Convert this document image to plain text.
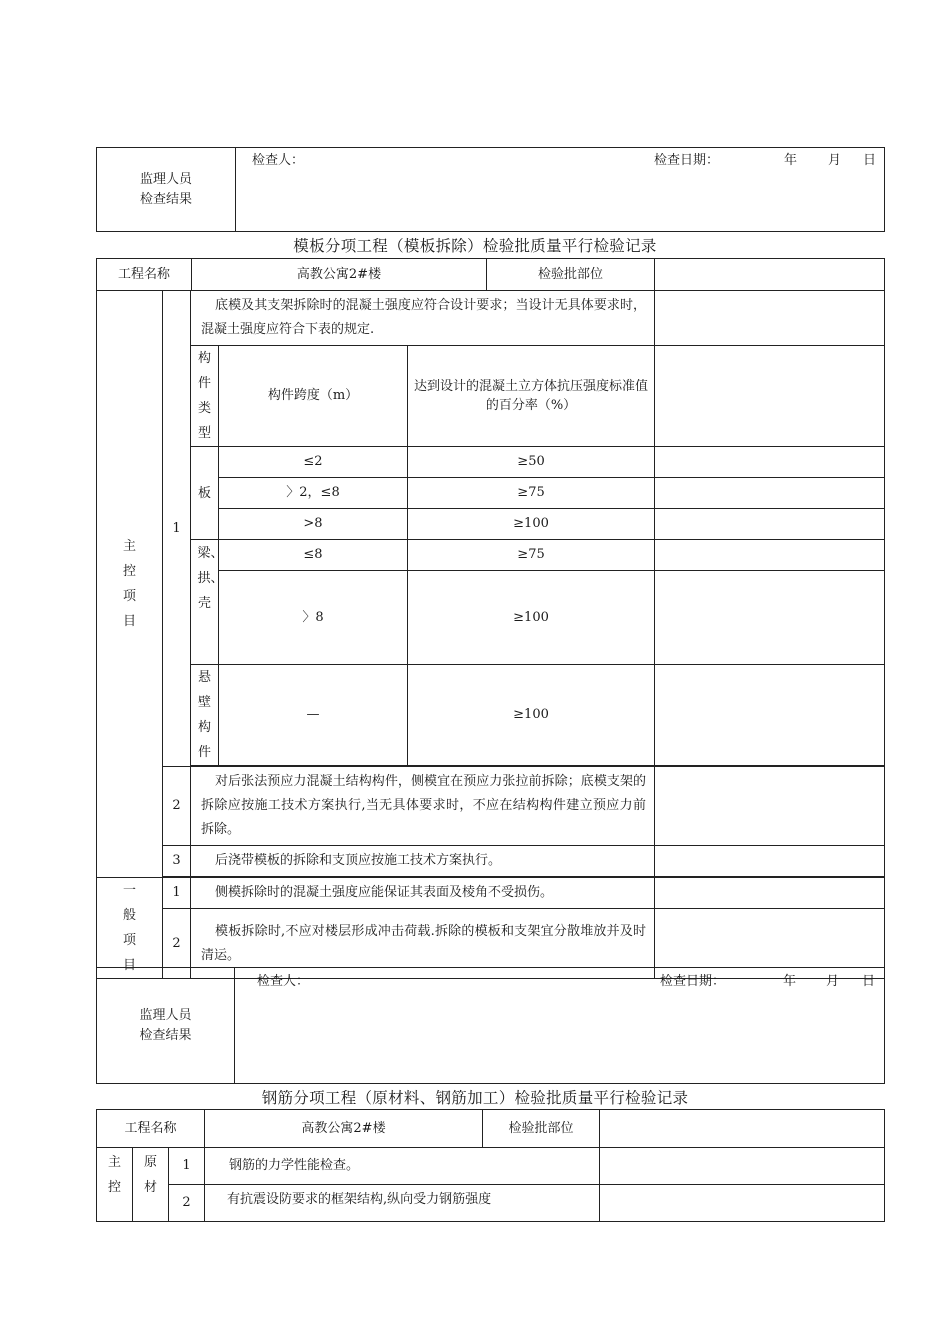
监理人员
检查结果

检查人：	检查日期：	年 月 日
模板分项工程（模板拆除）检验批质量平行检验记录
工程名称	高教公寓2#楼	检验批部位	
主控项目	1	底模及其支架拆除时的混凝土强度应符合设计要求；当设计无具体要求时，混凝土强度应符合下表的规定.			

		构件类型	构件跨度（m）	达到设计的混凝土立方体抗压强度标准值的百分率（%）	

		板	≤2	≥50	
			〉2，≤8	≥75	
			>8	≥100	

		梁、拱、壳	≤8	≥75	
			〉8	≥100	

		悬壁构件	—	≥100	

	2	对后张法预应力混凝土结构构件，侧模宜在预应力张拉前拆除；底模支架的拆除应按施工技术方案执行,当无具体要求时，不应在结构构件建立预应力前拆除。			
	3	后浇带模板的拆除和支顶应按施工技术方案执行。			

一般项目	1	侧模拆除时的混凝土强度应能保证其表面及棱角不受损伤。			
	2	模板拆除时,不应对楼层形成冲击荷载.拆除的模板和支架宜分散堆放并及时清运。			
监理人员
检查结果

检查人：	检查日期：	年 月 日
钢筋分项工程（原材料、钢筋加工）检验批质量平行检验记录
工程名称			高教公寓2#楼	检验批部位	

主控	原材	1	钢筋的力学性能检查。		
		2	有抗震设防要求的框架结构,纵向受力钢筋强度		
